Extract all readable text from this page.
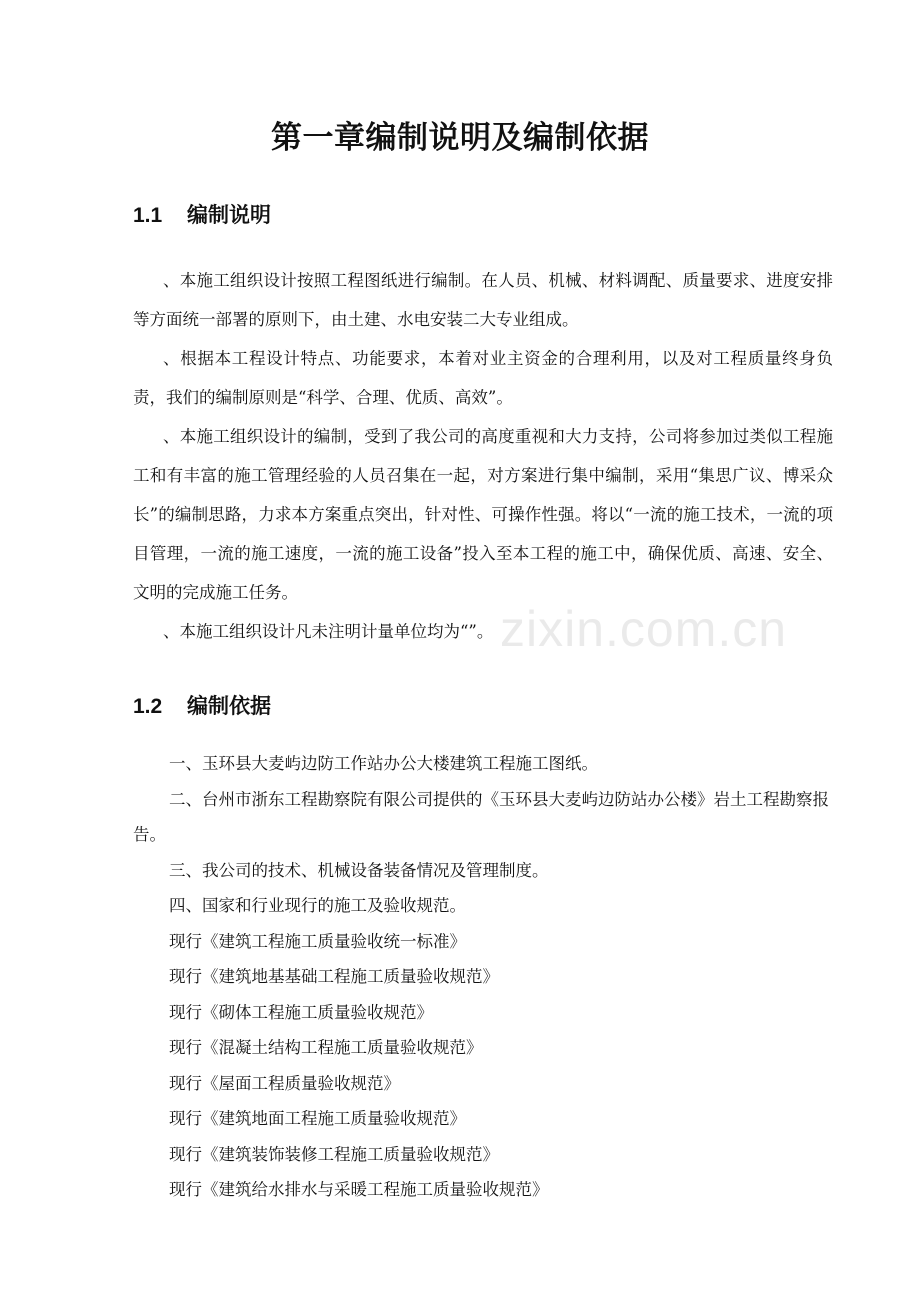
zixin.com.cn
第一章编制说明及编制依据
1.1 编制说明

、本施工组织设计按照工程图纸进行编制。在人员、机械、材料调配、质量要求、进度安排等方面统一部署的原则下，由土建、水电安装二大专业组成。

、根据本工程设计特点、功能要求，本着对业主资金的合理利用，以及对工程质量终身负责，我们的编制原则是“科学、合理、优质、高效”。

、本施工组织设计的编制，受到了我公司的高度重视和大力支持，公司将参加过类似工程施工和有丰富的施工管理经验的人员召集在一起，对方案进行集中编制，采用“集思广议、博采众长”的编制思路，力求本方案重点突出，针对性、可操作性强。将以“一流的施工技术，一流的项目管理，一流的施工速度，一流的施工设备”投入至本工程的施工中，确保优质、高速、安全、文明的完成施工任务。

、本施工组织设计凡未注明计量单位均为“”。

1.2 编制依据

一、玉环县大麦屿边防工作站办公大楼建筑工程施工图纸。

二、台州市浙东工程勘察院有限公司提供的《玉环县大麦屿边防站办公楼》岩土工程勘察报告。

三、我公司的技术、机械设备装备情况及管理制度。

四、国家和行业现行的施工及验收规范。

现行《建筑工程施工质量验收统一标准》

现行《建筑地基基础工程施工质量验收规范》

现行《砌体工程施工质量验收规范》

现行《混凝土结构工程施工质量验收规范》

现行《屋面工程质量验收规范》

现行《建筑地面工程施工质量验收规范》

现行《建筑装饰装修工程施工质量验收规范》

现行《建筑给水排水与采暖工程施工质量验收规范》
